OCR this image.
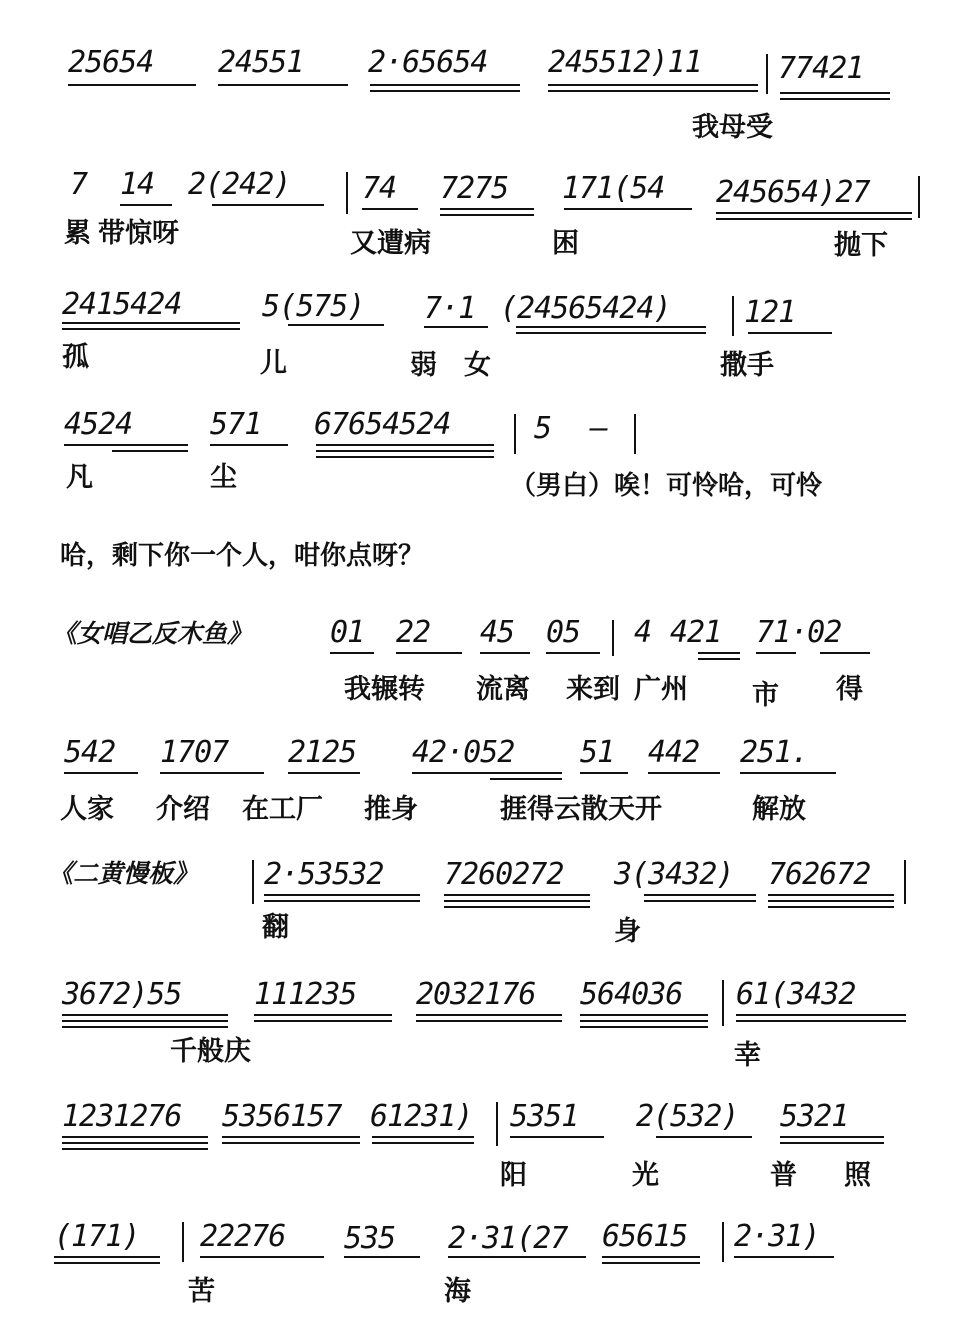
25654 24551 2·65654 245512)11	77421
我母受
7 14 2(242) 74 7275 171(54 245654)27
累 带惊呀	又遭病	困	抛下
2415424	5(575) 7·1 (24565424) 121
孤	儿	弱 女	撒手
4524	571 67654524	5 —
凡	尘	（男白）唉！可怜哈，可怜
哈，剩下你一个人，咁你点呀？
《女唱乙反木鱼》	01 22 45 05 4 421 71·02
我辗转 流离 来到 广州 市 得
542 1707 2125 42·052 51 442 251.
人家 介绍 在工厂 推身	捱得云散天开	解放
《二黄慢板》 2·53532 7260272 3(3432) 762672
翻	身
3672)55 111235 2032176 564036 61(3432
千般庆	幸
1231276 5356157 61231) 5351 2(532) 5321
阳	光	普 照
(171) 22276 535 2·31(27 65615 2·31)
苦	海
